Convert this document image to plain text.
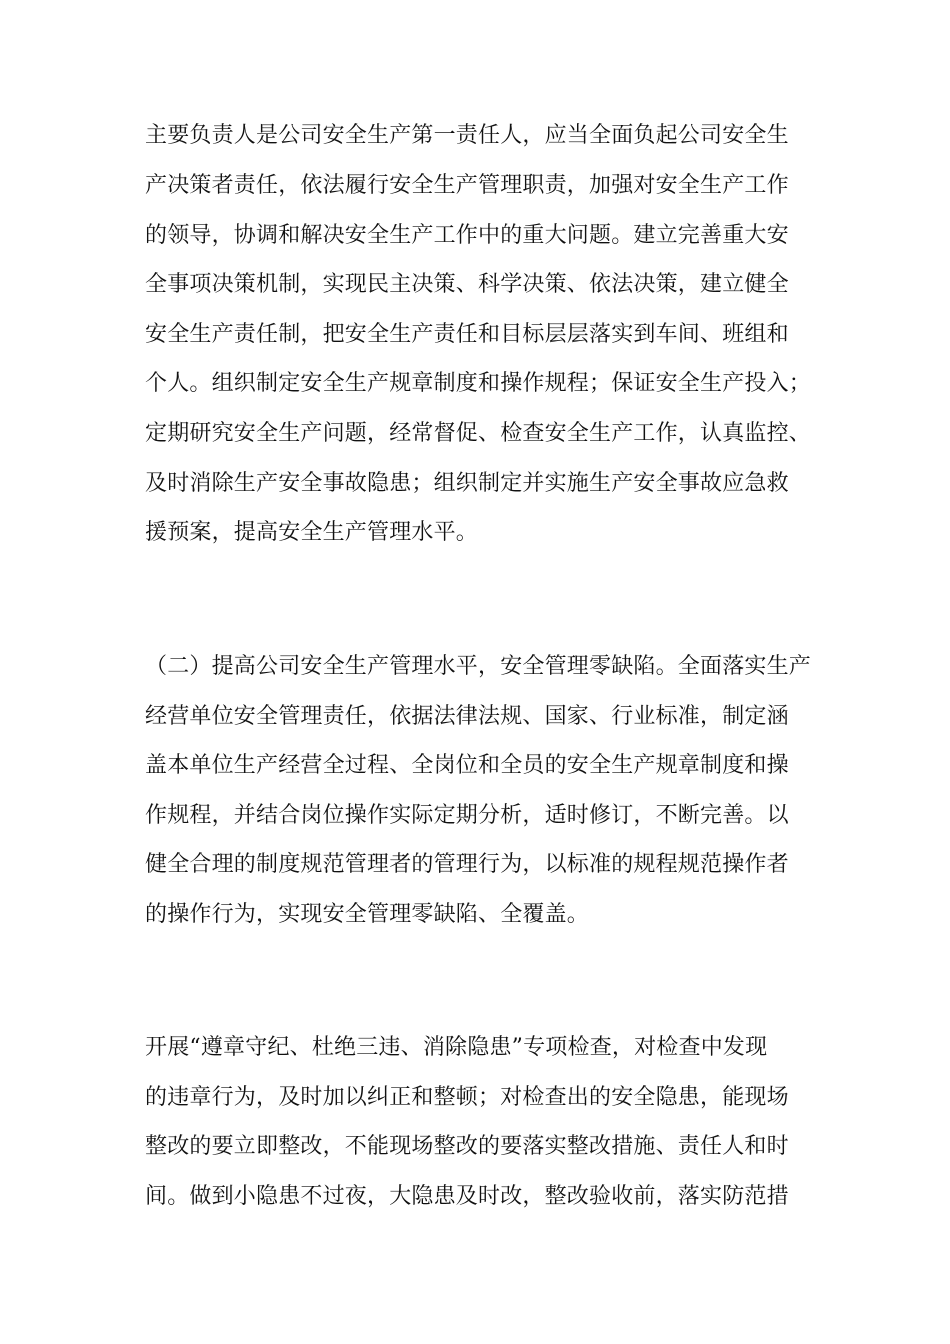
主要负责人是公司安全生产第一责任人，应当全面负起公司安全生
产决策者责任，依法履行安全生产管理职责，加强对安全生产工作
的领导，协调和解决安全生产工作中的重大问题。建立完善重大安
全事项决策机制，实现民主决策、科学决策、依法决策，建立健全
安全生产责任制，把安全生产责任和目标层层落实到车间、班组和
个人。组织制定安全生产规章制度和操作规程；保证安全生产投入；
定期研究安全生产问题，经常督促、检查安全生产工作，认真监控、
及时消除生产安全事故隐患；组织制定并实施生产安全事故应急救
援预案，提高安全生产管理水平。
（二）提高公司安全生产管理水平，安全管理零缺陷。全面落实生产
经营单位安全管理责任，依据法律法规、国家、行业标准，制定涵
盖本单位生产经营全过程、全岗位和全员的安全生产规章制度和操
作规程，并结合岗位操作实际定期分析，适时修订，不断完善。以
健全合理的制度规范管理者的管理行为，以标准的规程规范操作者
的操作行为，实现安全管理零缺陷、全覆盖。
开展“遵章守纪、杜绝三违、消除隐患”专项检查，对检查中发现
的违章行为，及时加以纠正和整顿；对检查出的安全隐患，能现场
整改的要立即整改，不能现场整改的要落实整改措施、责任人和时
间。做到小隐患不过夜，大隐患及时改，整改验收前，落实防范措
